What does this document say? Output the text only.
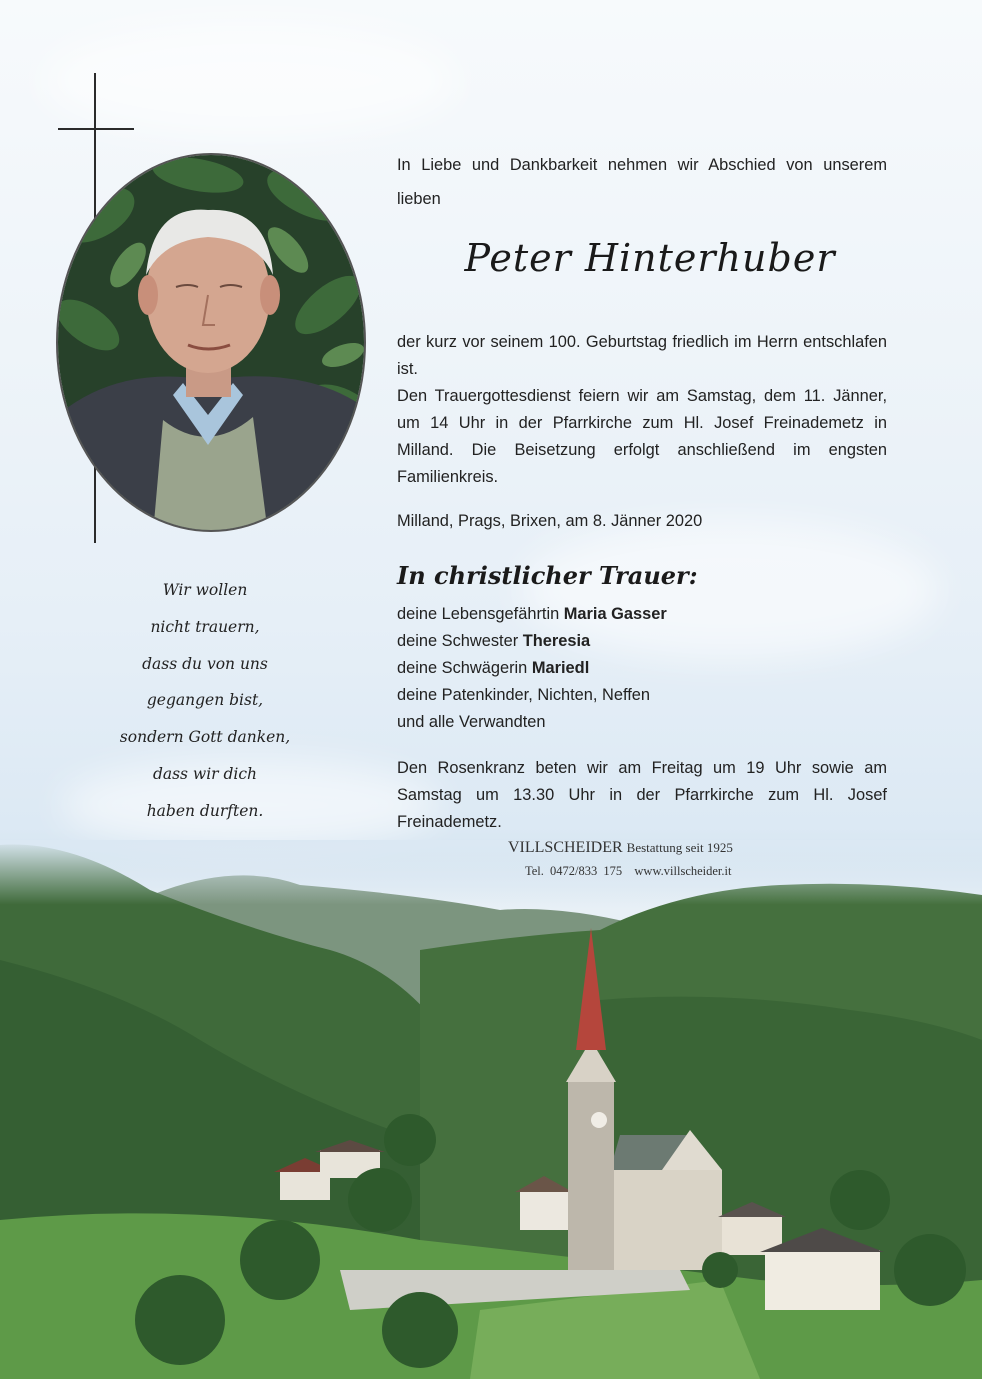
Wir wollen
nicht trauern,
dass du von uns
gegangen bist,
sondern Gott danken,
dass wir dich
haben durften.
In Liebe und Dankbarkeit nehmen wir Abschied von unserem lieben
Peter Hinterhuber
der kurz vor seinem 100. Geburtstag friedlich im Herrn entschlafen ist.
Den Trauergottesdienst feiern wir am Samstag, dem 11. Jänner, um 14 Uhr in der Pfarrkirche zum Hl. Josef Freinademetz in Milland. Die Beisetzung erfolgt anschließend im engsten Familienkreis.
Milland, Prags, Brixen, am 8. Jänner 2020
In christlicher Trauer:
deine Lebensgefährtin Maria Gasser
deine Schwester Theresia
deine Schwägerin Mariedl
deine Patenkinder, Nichten, Neffen
und alle Verwandten
Den Rosenkranz beten wir am Freitag um 19 Uhr sowie am Samstag um 13.30 Uhr in der Pfarrkirche zum Hl. Josef Freinademetz.
VILLSCHEIDER Bestattung seit 1925
Tel. 0472/833 175 www.villscheider.it
